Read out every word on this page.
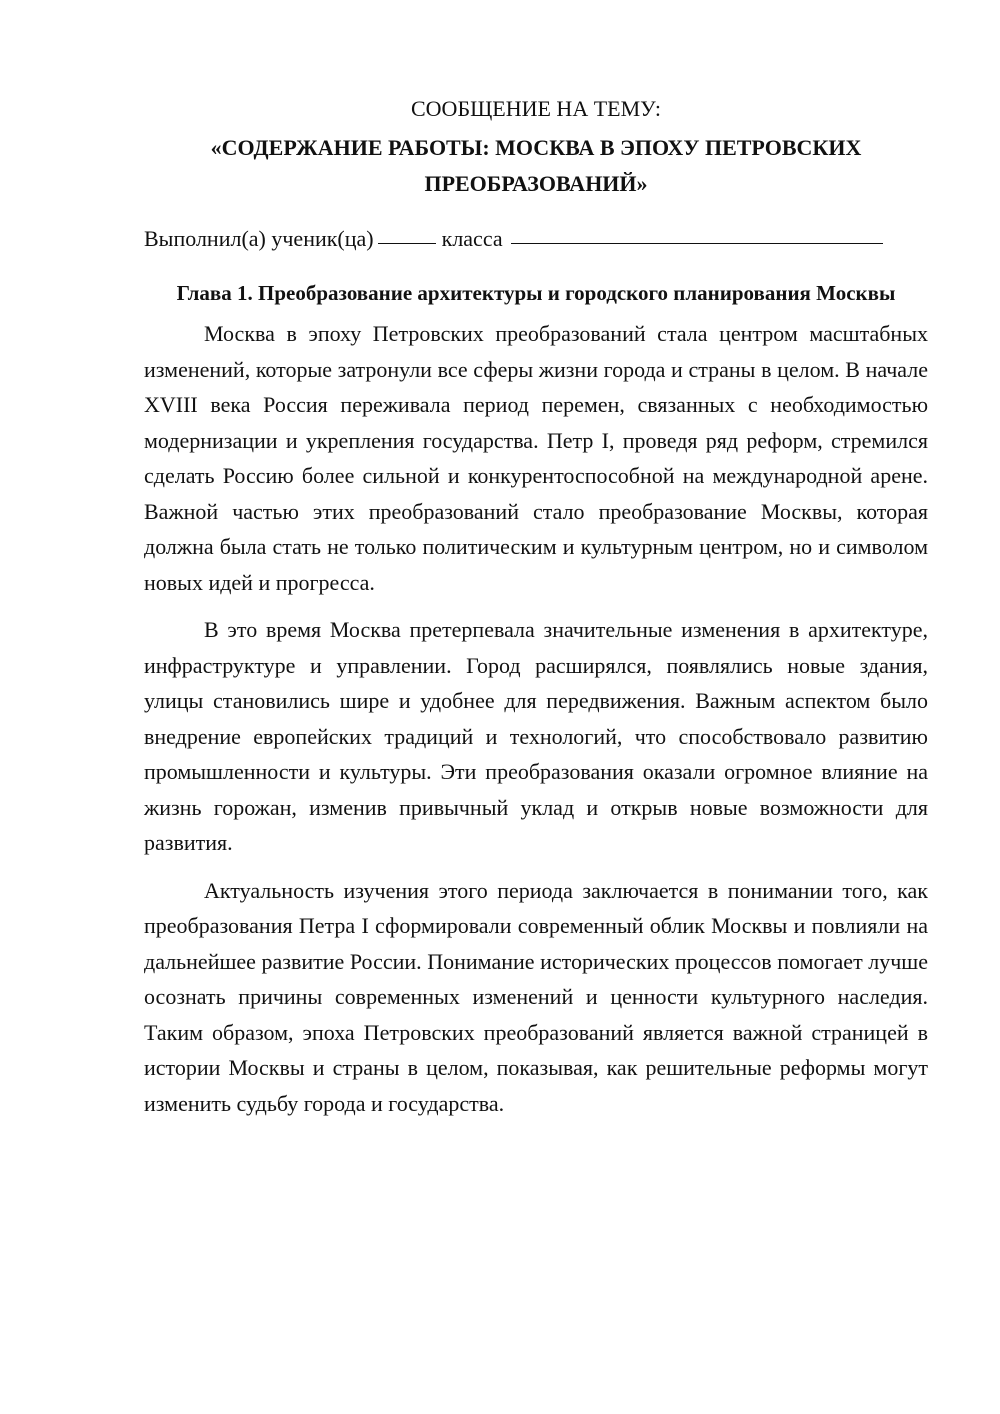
СООБЩЕНИЕ НА ТЕМУ:

«СОДЕРЖАНИЕ РАБОТЫ: МОСКВА В ЭПОХУ ПЕТРОВСКИХ ПРЕОБРАЗОВАНИЙ»

Выполнил(а) ученик(ца)	класса

Глава 1. Преобразование архитектуры и городского планирования Москвы

Москва в эпоху Петровских преобразований стала центром масштабных изменений, которые затронули все сферы жизни города и страны в целом. В начале XVIII века Россия переживала период перемен, связанных с необходимостью модернизации и укрепления государства. Петр I, проведя ряд реформ, стремился сделать Россию более сильной и конкурентоспособной на международной арене. Важной частью этих преобразований стало преобразование Москвы, которая должна была стать не только политическим и культурным центром, но и символом новых идей и прогресса.

В это время Москва претерпевала значительные изменения в архитектуре, инфраструктуре и управлении. Город расширялся, появлялись новые здания, улицы становились шире и удобнее для передвижения. Важным аспектом было внедрение европейских традиций и технологий, что способствовало развитию промышленности и культуры. Эти преобразования оказали огромное влияние на жизнь горожан, изменив привычный уклад и открыв новые возможности для развития.

Актуальность изучения этого периода заключается в понимании того, как преобразования Петра I сформировали современный облик Москвы и повлияли на дальнейшее развитие России. Понимание исторических процессов помогает лучше осознать причины современных изменений и ценности культурного наследия. Таким образом, эпоха Петровских преобразований является важной страницей в истории Москвы и страны в целом, показывая, как решительные реформы могут изменить судьбу города и государства.
